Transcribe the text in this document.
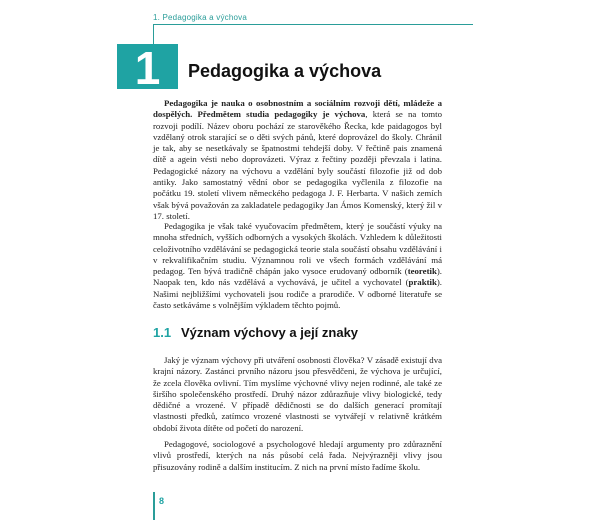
1. Pedagogika a výchova
1 Pedagogika a výchova

Pedagogika je nauka o osobnostním a sociálním rozvoji dětí, mládeže a dospělých. Předmětem studia pedagogiky je výchova, která se na tomto rozvoji podílí. Název oboru pochází ze starověkého Řecka, kde paidagogos byl vzdělaný otrok starající se o děti svých pánů, které doprovázel do školy. Chránil je tak, aby se nesetkávaly se špatnostmi tehdejší doby. V řečtině pais znamená dítě a agein vésti nebo doprovázeti. Výraz z řečtiny později převzala i latina. Pedagogické názory na výchovu a vzdělání byly součástí filozofie již od dob antiky. Jako samostatný vědní obor se pedagogika vyčlenila z filozofie na počátku 19. století vlivem německého pedagoga J. F. Herbarta. V našich zemích však bývá považován za zakladatele pedagogiky Jan Ámos Komenský, který žil v 17. století.

Pedagogika je však také vyučovacím předmětem, který je součástí výuky na mnoha středních, vyšších odborných a vysokých školách. Vzhledem k důležitosti celoživotního vzdělávání se pedagogická teorie stala součástí obsahu vzdělávání i v rekvalifikačním studiu. Významnou roli ve všech formách vzdělávání má pedagog. Ten bývá tradičně chápán jako vysoce erudovaný odborník (teoretik). Naopak ten, kdo nás vzdělává a vychovává, je učitel a vychovatel (praktik). Našimi nejbližšími vychovateli jsou rodiče a prarodiče. V odborné literatuře se často setkáváme s volnějším výkladem těchto pojmů.

1.1 Význam výchovy a její znaky

Jaký je význam výchovy při utváření osobnosti člověka? V zásadě existují dva krajní názory. Zastánci prvního názoru jsou přesvědčeni, že výchova je určující, že zcela člověka ovlivní. Tím myslíme výchovné vlivy nejen rodinné, ale také ze širšího společenského prostředí. Druhý názor zdůrazňuje vlivy biologické, tedy dědičné a vrozené. V případě dědičnosti se do dalších generací promítají vlastnosti předků, zatímco vrozené vlastnosti se vytvářejí v relativně krátkém období života dítěte od početí do narození.

Pedagogové, sociologové a psychologové hledají argumenty pro zdůraznění vlivů prostředí, kterých na nás působí celá řada. Nejvýrazněji vlivy jsou přisuzovány rodině a dalším institucím. Z nich na první místo řadíme školu.

8
